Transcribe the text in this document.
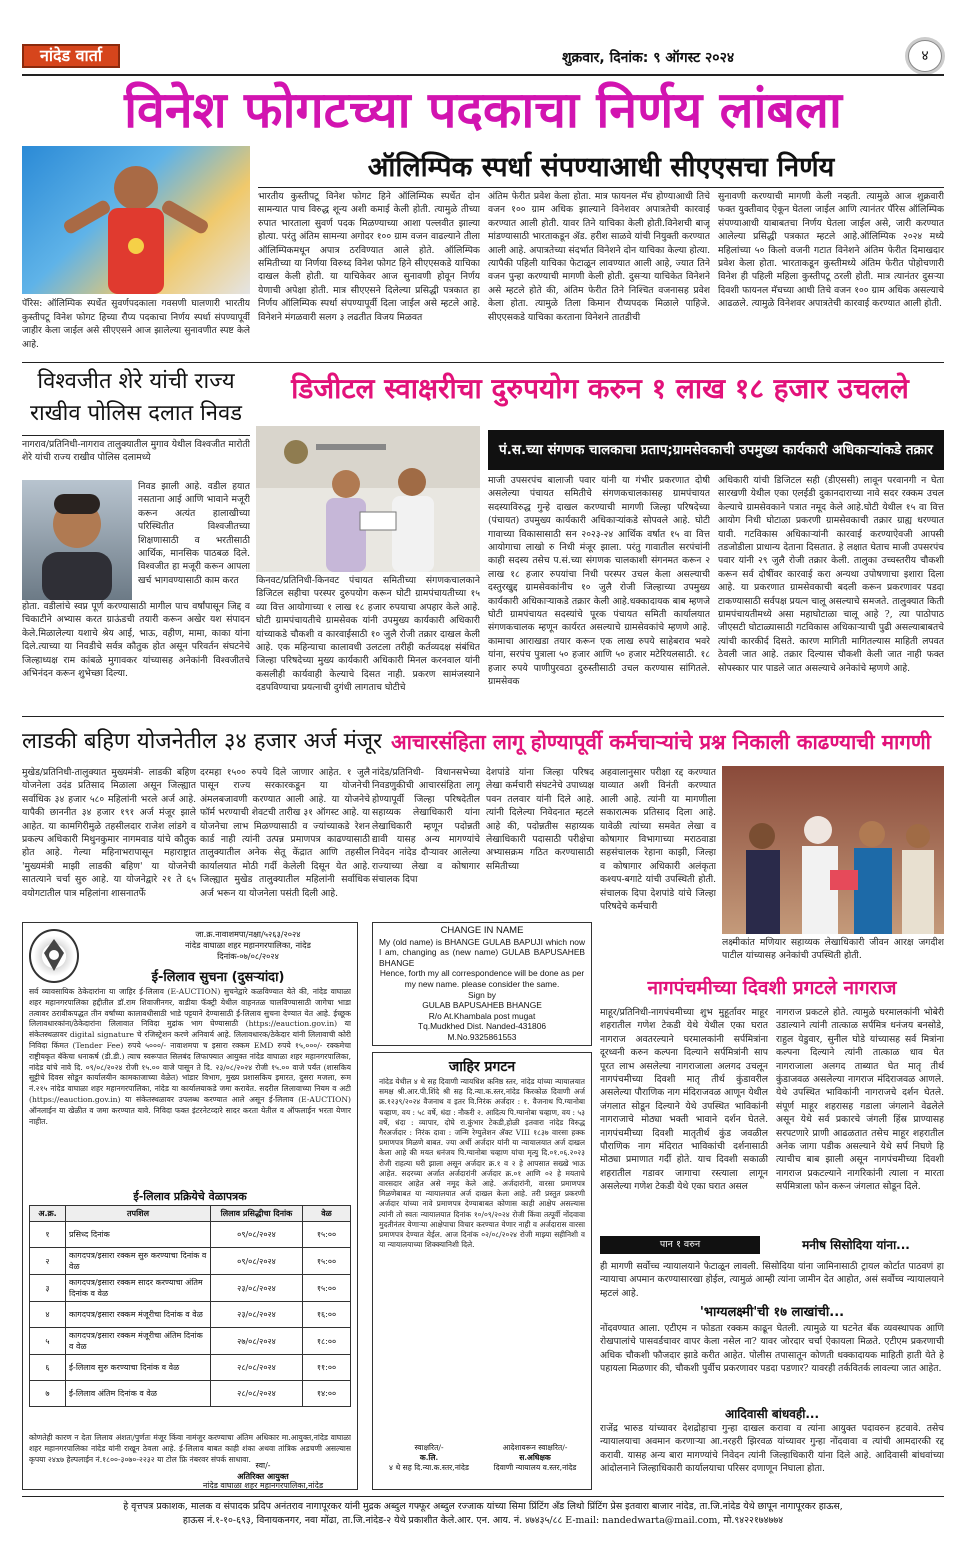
नांदेड वार्ता	शुक्रवार, दिनांक: ९ ऑगस्ट २०२४	४
विनेश फोगटच्या पदकाचा निर्णय लांबला
पॅरिस: ऑलिम्पिक स्पर्धेत सुवर्णपदकाला गवसणी घालणारी भारतीय कुस्तीपटू विनेश फोगट हिच्या रौप्य पदकाचा निर्णय स्पर्धा संपण्यापूर्वी जाहीर केला जाईल असे सीएएसने आज झालेल्या सुनावणीत स्पष्ट केले आहे.
ऑलिम्पिक स्पर्धा संपण्याआधी सीएएसचा निर्णय
भारतीय कुस्तीपटू विनेश फोगट हिने ऑलिम्पिक स्पर्धेत दोन सामन्यात पाच विरुद्ध शून्य अशी कमाई केली होती. त्यामुळे तीच्या रुपात भारताला सुवर्ण पदक मिळण्याच्या आशा पल्लवीत झाल्या होत्या. परंतु अंतिम सामन्या अगोदर १०० ग्राम वजन वाढल्याने तीला ऑलिम्पिकमधून अपात्र ठरविण्यात आले होते. ऑलिम्पिक समितीच्या या निर्णया विरुध्द विनेश फोगट हिने सीएएसकडे याचिका दाखल केली होती. या याचिकेवर आज सुनावणी होवून निर्णय येणाची अपेक्षा होती. मात्र सीएएसने दिलेल्या प्रसिद्धी पत्रकात हा निर्णय ऑलिम्पिक स्पर्धा संपण्यापूर्वी दिला जाईल असे म्हटले आहे. विनेशने मंगळवारी सलग ३ लढतीत विजय मिळवत
अंतिम फेरीत प्रवेश केला होता. मात्र फायनल मॅच होण्याआधी तिचे वजन १०० ग्राम अधिक झाल्याने विनेशवर अपात्रतेची कारवाई करण्यात आली होती. यावर तिने याचिका केली होती.विनेशची बाजू मांडण्यासाठी भारताकडून ॲड. हरीश साळवे यांची नियुक्ती करण्यात आली आहे. अपात्रतेच्या संदर्भात विनेशने दोन याचिका केल्या होत्या. त्यापैकी पहिली याचिका फेटाळून लावण्यात आली आहे, ज्यात तिने वजन पुन्हा करण्याची मागणी केली होती. दुसऱ्या याचिकेत विनेशने असे म्हटले होते की, अंतिम फेरीत तिने निश्चित वजनासह प्रवेश केला होता. त्यामुळे तिला किमान रौप्यपदक मिळाले पाहिजे. सीएएसकडे याचिका करताना विनेशने तातडीची
सुनावणी करण्याची मागणी केली नव्हती. त्यामुळे आज शुक्रवारी फक्त युक्तीवाद ऐकून घेतला जाईल आणि त्यानंतर पॅरिस ऑलिम्पिक संपण्याआधी याबाबतचा निर्णय घेतला जाईल असे, जारी करण्यात आलेल्या प्रसिद्धी पत्रकात म्हटले आहे.ऑलिम्पिक २०२४ मध्ये महिलांच्या ५० किलो वजनी गटात विनेशने अंतिम फेरीत दिमाखदार प्रवेश केला होता. भारताकडून कुस्तीमध्ये अंतिम फेरीत पोहोचणारी विनेश ही पहिली महिला कुस्तीपटू ठरली होती. मात्र त्यानंतर दुसऱ्या दिवशी फायनल मॅचच्या आधी तिचे वजन १०० ग्राम अधिक असल्याचे आढळले. त्यामुळे विनेशवर अपात्रतेची कारवाई करण्यात आली होती.
विश्वजीत शेरे यांची राज्य
राखीव पोलिस दलात निवड
नागराव/प्रतिनिधी-नागराव तालुक्यातील मुगाव येथील विश्वजीत मारोती शेरे यांची राज्य राखीव पोलिस दलामध्ये
निवड झाली आहे. वडील हयात नसताना आई आणि भावाने मजूरी करून अत्यंत हालाखीच्या परिस्थितीत विश्वजीतच्या शिक्षणासाठी व भरतीसाठी आर्थिक, मानसिक पाठबळ दिले. विश्वजीत हा मजूरी करून आपला खर्च भागवण्यासाठी काम करत
होता. वडीलांचे स्वप्न पूर्ण करण्यासाठी मागील पाच वर्षांपासून जिद्द व चिकाटीने अभ्यास करत ग्राऊंडची तयारी करून अखेर यश संपादन केले.मिळालेल्या यशाचे श्रेय आई, भाऊ, वहीण, मामा, काका यांना दिले.त्याच्या या निवडीचे सर्वत्र कौतुक होत असून परिवर्तन संघटनेचे जिल्हाध्यक्ष राम कांबळे मुगावकर यांच्यासह अनेकांनी विश्वजीतचे अभिनंदन करून शुभेच्छा दिल्या.
डिजीटल स्वाक्षरीचा दुरुपयोग करुन १ लाख १८ हजार उचलले
किनवट/प्रतिनिधी-किनवट पंचायत समितीच्या संगणकचालकाने डिजिटल सहीचा परस्पर दुरुपयोग करून घोटी ग्रामपंचायतीच्या १५ व्या वित्त आयोगाच्या १ लाख १८ हजार रुपयाचा अपहार केले आहे. घोटी ग्रामपंचायतीचे ग्रामसेवक यांनी उपमुख्य कार्यकारी अधिकारी यांच्याकडे चौकशी व कारवाईसाठी १० जुलै रोजी तक्रार दाखल केली आहे. एक महिन्याचा कालावधी उलटला तरीही कर्तव्यदक्ष संबंधित जिल्हा परिषदेच्या मुख्य कार्यकारी अधिकारी मिनल करनवाल यांनी कसलीही कार्यवाही केल्याचे दिसत नाही. प्रकरण सामंजस्याने दडपविण्याचा प्रयत्नाची दुगंधी लागताच घोटीचे
पं.स.च्या संगणक चालकाचा प्रताप;ग्रामसेवकाची उपमुख्य कार्यकारी अधिकाऱ्यांकडे तक्रार
माजी उपसरपंच बालाजी पवार यांनी या गंभीर प्रकरणात दोषी असलेल्या पंचायत समितीचे संगणकचालकासह ग्रामपंचायत सदस्याविरुद्ध गुन्हे दाखल करण्याची मागणी जिल्हा परिषदेच्या (पंचायत) उपमुख्य कार्यकारी अधिकाऱ्यांकडे सोपवले आहे. घोटी गावाच्या विकासासाठी सन २०२३-२४ आर्थिक वर्षात १५ वा वित्त आयोगाचा लाखो रु निधी मंजूर झाला. परंतु गावातील सरपंचांनी काही सदस्य तसेच प.सं.च्या संगणक चालकाशी संगनमत करून २ लाख १८ हजार रुपयांचा निधी परस्पर उचल केला असल्याची दस्तुरखुद्द ग्रामसेवकांनीच १० जुलै रोजी जिल्हाच्या उपमुख्य कार्यकारी अधिकाऱ्याकडे तक्रार केली आहे.धक्कादायक बाब म्हणजे घोटी ग्रामपंचायत सदस्यांचे पूरक पंचायत समिती कार्यालयात संगणकचालक म्हणून कार्यरत असल्याचे ग्रामसेवकांचे म्हणणे आहे. कामाचा आराखडा तयार करून एक लाख रुपये साहेबराव भवरे यांना, सरपंच पुत्राला ५० हजार आणि ५० हजार मटेरियलसाठी. १८ हजार रुपये पाणीपुरवठा दुरुस्तीसाठी उचल करण्यास सांगितले. ग्रामसेवक
अधिकारी यांची डिजिटल सही (डीएससी) लावून परवानगी न घेता सारखणी येथील एका एलईडी दुकानदाराच्या नावे सदर रक्कम उचल केल्याचे ग्रामसेवकाने पत्रात नमूद केले आहे.घोटी येथील १५ वा वित्त आयोग निधी घोटाळा प्रकरणी ग्रामसेवकाची तक्रार ग्राह्य धरण्यात यावी. गटविकास अधिकाऱ्यांनी कारवाई करण्याऐवजी आपसी तडजोडीला प्राधान्य देताना दिसतात. हे लक्षात घेताच माजी उपसरपंच पवार यांनी २९ जुलै रोजी तक्रार केली. तालुका उच्चस्तरीय चौकशी करून सर्व दोषींवर कारवाई करा अन्यथा उपोषणाचा इशारा दिला आहे. या प्रकरणात ग्रामसेवकाची बदली करून प्रकरणावर पडदा टाकण्यासाठी सर्वपक्ष प्रयत्न चालू असल्याचे समजते. तालुक्यात किती ग्रामपंचायतीमध्ये असा महाघोटाळा चालू आहे ?, त्या पाठोपाठ जीएसटी घोटाळ्यासाठी गटविकास अधिकाऱ्याची पुढी असल्याबाबतचे त्यांची कारकीर्द दिसते. कारण मागिती मागितल्यास माहिती लपवत ठेवली जात आहे. तक्रार दिल्यास चौकशी केली जात नाही फक्त सोपस्कार पार पाडले जात असल्याचे अनेकांचे म्हणणे आहे.
लाडकी बहिण योजनेतील ३४ हजार अर्ज मंजूर
मुखेड/प्रतिनिधी-तालुक्यात मुख्यमंत्री- लाडकी बहिण योजनेला उदंड प्रतिसाद मिळाला असून जिल्ह्यात सर्वाधिक ३४ हजार ५८० महिलांनी भरले अर्ज आहे. यापैकी छाननीत ३४ हजार १९१ अर्ज मंजूर झाले आहेत. या कामगिरीमुळे तहसीलदार राजेश लांडगे व प्रकल्प अधिकारी मिथुनकुमार नागमवाड यांचे कौतुक होत आहे. गेल्या महिनाभरापासून महाराष्ट्रात 'मुख्यमंत्री माझी लाडकी बहिण' या योजनेची सातत्याने चर्चा सुरु आहे. या योजनेद्वारे २१ ते ६५ वयोगटातील पात्र महिलांना शासनातर्फे
दरमहा १५०० रुपये दिले जाणार आहेत. १ जुलै पासून राज्य सरकारकडून या योजनेची अंमलबजावणी करण्यात आली आहे. या योजनेचे फॉर्म भरण्याची शेवटची तारीख ३१ ऑगस्ट आहे. या योजनेचा लाभ मिळण्यासाठी व ज्यांच्याकडे रेशन कार्ड नाही त्यांनी उत्पन्न प्रमाणपत्र काढण्यासाठी तालुक्यातील अनेक सेतू केंद्रात आणि तहसील कार्यालयात मोठी गर्दी केलेली दिसून येत आहे. जिल्ह्यात मुखेड तालुक्यातील महिलांनी सर्वाधिक अर्ज भरून या योजनेला पसंती दिली आहे.
आचारसंहिता लागू होण्यापूर्वी कर्मचाऱ्यांचे प्रश्न निकाली काढण्याची मागणी
नांदेड/प्रतिनिधी- विधानसभेच्या निवडणुकीची आचारसंहिता लागू होण्यापूर्वी जिल्हा परिषदेतील सहाय्यक लेखाधिकारी यांना लेखाधिकारी म्हणून पदोन्नती द्यावी यासह अन्य मागण्यांचे निवेदन नांदेड दौऱ्यावर आलेल्या राज्याच्या लेखा व कोषागार संचालक दिपा
देशपांडे यांना जिल्हा परिषद लेखा कर्मचारी संघटनेचे उपाध्यक्ष पवन तलवार यांनी दिले आहे. त्यांनी दिलेल्या निवेदनात म्हटले आहे की, पदोन्नतीस सहाय्यक लेखाधिकारी पदासाठी परीक्षेचा अभ्यासक्रम गठित करण्यासाठी समितीच्या
अहवालानुसार परीक्षा रद्द करण्यात याव्यात अशी विनंती करण्यात आली आहे. त्यांनी या मागणीला सकारात्मक प्रतिसाद दिला आहे. यावेळी त्यांच्या समवेत लेखा व कोषागार विभागाच्या मराठवाडा सहसंचालक रेहाना काझी, जिल्हा व कोषागार अधिकारी अलंकृता कश्यप-बगाटे यांची उपस्थिती होती. संचालक दिपा देशपांडे यांचे जिल्हा परिषदेचे कर्मचारी
लक्ष्मीकांत मणियार सहाय्यक लेखाधिकारी जीवन आरक्ष जगदीश पाटील यांच्यासह अनेकांची उपस्थिती होती.
जा.क्र.नावाशमपा/नक्षा/५२६३/२०२४
नांदेड वाघाळा शहर महानगरपालिका, नांदेड
दिनांक-०७/०८/२०२४
ई-लिलाव सुचना (दुसऱ्यांदा)
सर्व व्यावसायिक ठेकेदारांना या जाहिर ई-लिलाव (E-AUCTION) सुचनेद्वारे कळविण्यात येते की, नांदेड वाघाळा शहर महानगरपालिका हद्दीतील डॉ.राम शिवाजीनगर, वाडीया फॅक्ट्री येथील वाहनतळ चालविण्यासाठी जागेचा भाडा तत्वावर ठरावीकपद्धत तीन वर्षांच्या कालावधीसाठी भाडे पट्टयाने देण्यासाठी ई-लिलाव सुचना देण्यात येत आहे. ईच्छूक लिलावधारकांना/ठेकेदारांना लिलावात निविदा मुद्रांक भाग घेण्यासाठी (https://eauction.gov.in) या संकेतस्थळावर digital signature चे रजिस्ट्रेशन करणे अनिवार्य आहे. लिलावधारक/ठेकेदार यांनी लिलावाची कोरी निविदा किंमत (Tender Fee) रुपये ५०००/- नावाशमपा च इसारा रक्कम EMD रुपये १५,०००/- रक्कमेचा राष्ट्रीयकृत बॅकेचा धनाकर्ष (डी.डी.) त्याच स्वरूपात सिलबंद लिफाफ्यात आयुक्त नांदेड वाघाळा शहर महानगरपालिका, नांदेड यांचे नावे दि. ०९/०८/२०२४ रोजी १५.०० वाजे पासून ते दि. २३/०८/२०२४ रोजी १५.०० वाजे पर्यंत (शासकिय सुट्टीचे दिवस सोडून कार्यालयीन कामकाजाच्या वेळेत) भांडार विभाग, मुख्य प्रशासकिय इमारत, दुसरा मजला, रूम नं.२१५ नांदेड वाघाळा शहर महानगरपालिका, नांदेड या कार्यालयाकडे जमा करावेत. सदरील लिलावाच्या नियम व अटी (https://eauction.gov.in) या संकेतस्थळावर उपलब्ध करण्यात आले असून ई-लिलाव (E-AUCTION) ऑनलाईन या खेळीत व जमा करण्यात यावे. निविदा फक्त इंटरनेटव्दारे सादर करता येतील व ऑफलाईन भरता येणार नाहीत.
ई-लिलाव प्रक्रियेचे वेळापत्रक
अ.क्र.	तपशिल	लिलाव प्रसिद्धीचा दिनांक	वेळ
१	प्रसिध्द दिनांक	०९/०८/२०२४	१५:००
२	कागदपत्र/इसारा रक्कम सुरु करण्याचा दिनांक व वेळ	०९/०८/२०२४	१५:००
३	कागदपत्र/इसारा रक्कम सादर करण्याचा अंतिम दिनांक व वेळ	२३/०८/२०२४	१५:००
४	कागदपत्र/इसारा रक्कम मंजूरीचा दिनांक व वेळ	२३/०८/२०२४	१६:००
५	कागदपत्र/इसारा रक्कम मंजूरीचा अंतिम दिनांक व वेळ	२७/०८/२०२४	१८:००
६	ई-लिलाव सुरु करण्याचा दिनांक व वेळ	२८/०८/२०२४	११:००
७	ई-लिलाव अंतिम दिनांक व वेळ	२८/०८/२०२४	१४:००
कोणतेही कारण न देता लिलाव अंशतः/पुर्णतः मंजूर किंवा नामंजुर करण्याचा अंतिम अधिकार मा.आयुक्त,नांदेड वाघाळा शहर महानगरपालिका नांदेड यांनी राखून ठेवला आहे. ई-लिलाव बाबत काही शंका अथवा तांत्रिक अडचणी असल्यास कृपया २४x७ हेल्पलाईन नं.१८००-३०७०-२२३२ या टोल फ्रि नंबरवर संपर्क साधावा.
स्वा/-
अतिरिक्त आयुक्त
नांदेड वाघाळा शहर महानगरपालिका,नांदेड
CHANGE IN NAME
My (old name) is BHANGE GULAB BAPUJI which now I am, changing as (new name) GULAB BAPUSAHEB BHANGE
Hence, forth my all correspondence will be done as per my new name. please consider the same.
Sign by
GULAB BAPUSAHEB BHANGE
R/o At.Khambala post mugat
Tq.Mudkhed Dist. Nanded-431806
M.No.9325861553
जाहिर प्रगटन
नांदेड येथील ४ थे सह दिवाणी न्यायधिश कनिष्ठ स्तर, नांदेड यांच्या न्यायालयात समक्ष श्री.आर.पी.शिंदे श्री सह दि.न्या.क.स्तर,नांदेड किरकोळ दिवाणी अर्ज क्र.१२३९/२०२४ वैजनाथ व इतर वि.निरंक अर्जदार : १. वैजनाथ पि.ग्यानोबा चव्हाण, वय : ५८ वर्षे, धंदा : नौकरी २. आदित्य पि.ग्यानोबा चव्हाण, वय : ५३ वर्षे, धंदा : व्यापार, दोघे रा.कुंभार टेकडी,होळी इतवारा नांदेड विरुद्ध गैरअर्जदार : निरंक दावा : जन्मि रेग्युलेशन ॲक्ट VIII १८३७ वारसा हक्क प्रमाणपत्र मिळणे बाबत. ज्या अर्थी अर्जदार यांनी या न्यायालयात अर्ज दाखल केला आहे की मयत धनंजय पि.ग्यानोबा चव्हाण यांचा मृत्यु दि.०१.०६.२०२३ रोजी राहत्या घरी झाला असून अर्जदार क्र.१ व २ हे आपसात सख्खे भाऊ आहेत. सदरच्या अर्जात अर्जदारांनी अर्जदार क्र.०१ आणि ०२ हे मयताचे वारसदार आहेत असे नमूद केले आहे. अर्जदारांनी, वारसा प्रमाणपत्र मिळणेबाबत या न्यायालयात अर्ज दाखल केला आहे. तरी प्रस्तुत प्रकरणी अर्जदार यांच्या नावे प्रमाणपत्र देण्याबाबत कोणास काही आक्षेप असल्यास त्यांनी तो स्वतः न्यायालयात दिनांक १०/०९/२०२४ रोजी किंवा तत्पूर्वी नोंदवावा मुदतीनंतर येणाऱ्या आक्षेपाचा विचार करण्यात येणार नाही व अर्जदारास वारसा प्रमाणपत्र देण्यात येईल. आज दिनांक ०२/०८/२०२४ रोजी माझ्या सहीनिशी व या न्यायालयाच्या शिक्क्यानिशी दिले.
स्वाक्षरित/-
क.लि.
४ थे सह दि.न्या.क.स्तर,नांदेड
आदेशावरून स्वाक्षरित/-
स.अधिक्षक
दिवाणी न्यायालय व.स्तर,नांदेड
नागपंचमीच्या दिवशी प्रगटले नागराज
माहूर/प्रतिनिधी-नागपंचमीच्या शुभ मुहूर्तावर माहूर शहरातील गणेश टेकडी येथे येथील एका घरात नागराज अवतरल्याने घरमालकांनी सर्पमित्रांना दूरध्वनी करुन कल्पना दिल्याने सर्पमित्रांनी साप पूरत लाभ असलेल्या नागराजाला अलगद उचलून नागपंचमीच्या दिवशी मातृ तीर्थ कुंडावरील असलेल्या पौराणिक नाग मंदिराजवळ आणून येथील जंगलात सोडून दिल्याने येथे उपस्थित भाविकांनी नागराजाचे मोठ्या भक्ती भावाने दर्शन घेतले. नागपंचमीच्या दिवशी मातृतीर्थ कुंड जवळील पौराणिक नाग मंदिरात भाविकांची दर्शनासाठी मोठ्या प्रमाणात गर्दी होते. याच दिवशी सकाळी शहरातील गडावर जागाचा रस्त्याला लागून असलेल्या गणेश टेकडी येथे एका घरात असल
नागराज प्रकटले होते. त्यामुळे घरमालकांनी भोबेरी उडाल्याने त्यांनी तात्काळ सर्पमित्र धनंजय बनसोडे, राहुल येडुवार, सुनील घोडे यांच्यासह सर्व मित्रांना कल्पना दिल्याने त्यांनी तात्काळ धाव घेत नागराजाला अलगद ताब्यात घेत मातृ तीर्थ कुंडाजवळ असलेल्या नागराज मंदिराजवळ आणले. येथे उपस्थित भाविकांनी नागराजचे दर्शन घेतले. संपूर्ण माहूर शहरासह गडाला जंगलाने वेढलेले असून येथे सर्व प्रकारचे जंगली हिंस्र प्राण्यासह सरपटणारे प्राणी आढळतात तसेच माहूर शहरातील अनेक जागा पडीक असल्याने येथे सर्प निघणे हि त्याचीच बाब झाली असून नागपंचमीच्या दिवशी नागराज प्रकटल्याने नागरिकांनी त्याला न मारता सर्पमित्राला फोन करून जंगलात सोडून दिले.
पान १ वरुन	मनीष सिसोदिया यांना...
ही मागणी सर्वोच्च न्यायालयाने फेटाळून लावली. सिसोदिया यांना जामिनासाठी ट्रायल कोर्टात पाठवणं हा न्यायाचा अपमान करण्यासारखा होईल, त्यामुळं आम्ही त्यांना जामीन देत आहोत, असं सर्वोच्च न्यायालयाने म्हटलं आहे.
'भाग्यलक्ष्मी'ची १७ लाखांची...
नोंदवण्यात आला. एटीएम न फोडता रक्कम काढून घेतली. त्यामुळे या घटनेत बँक व्यवस्थापक आणि रोखपालांचे पासवर्डचावर वापर केला नसेल ना? यावर जोरदार चर्चा ऐकायला मिळते. एटीएम प्रकरणाची अधिक चौकशी फौजदार झाडे करीत आहेत. पोलीस तपासातून कोणती धक्कादायक माहिती हाती येते हे पहायला मिळणार की, चौकशी पुर्वीच प्रकरणावर पडदा पडणार? यावरही तर्कवितर्क लावल्या जात आहेत.
आदिवासी बांधवही...
राजेंद्र भारुड यांच्यावर देशद्रोहाचा गुन्हा दाखल करावा व त्यांना आयुक्त पदावरुन हटवावे. तसेच न्यायालयाचा अवमान करणाऱ्या आ.नरहरी झिरवळ यांच्यावर गुन्हा नोंदवावा व त्यांची आमदारकी रद्द करावी. यासह अन्य बारा मागण्यांचे निवेदन त्यांनी जिल्हाधिकारी यांना दिले आहे. आदिवासी बांधवांच्या आंदोलनाने जिल्हाधिकारी कार्यालयाचा परिसर दणाणून निघाला होता.
हे वृत्तपत्र प्रकाशक, मालक व संपादक प्रदिप अनंतराव नागापूरकर यांनी मुद्रक अब्दुल गफ्फूर अब्दुल रज्जाक यांच्या सिमा प्रिंटिंग अँड लिथो प्रिंटिंग प्रेस इतवारा बाजार नांदेड, ता.जि.नांदेड येथे छापून नागापूरकर हाऊस,
हाऊस नं.१-१०-६९३, विनायकनगर, नवा मोंढा, ता.जि.नांदेड-२ येथे प्रकाशीत केले.आर. एन. आय. नं. ४७४३५/८८ E-mail: nandedwarta@mail.com, मो.९४२२१७४७७४
